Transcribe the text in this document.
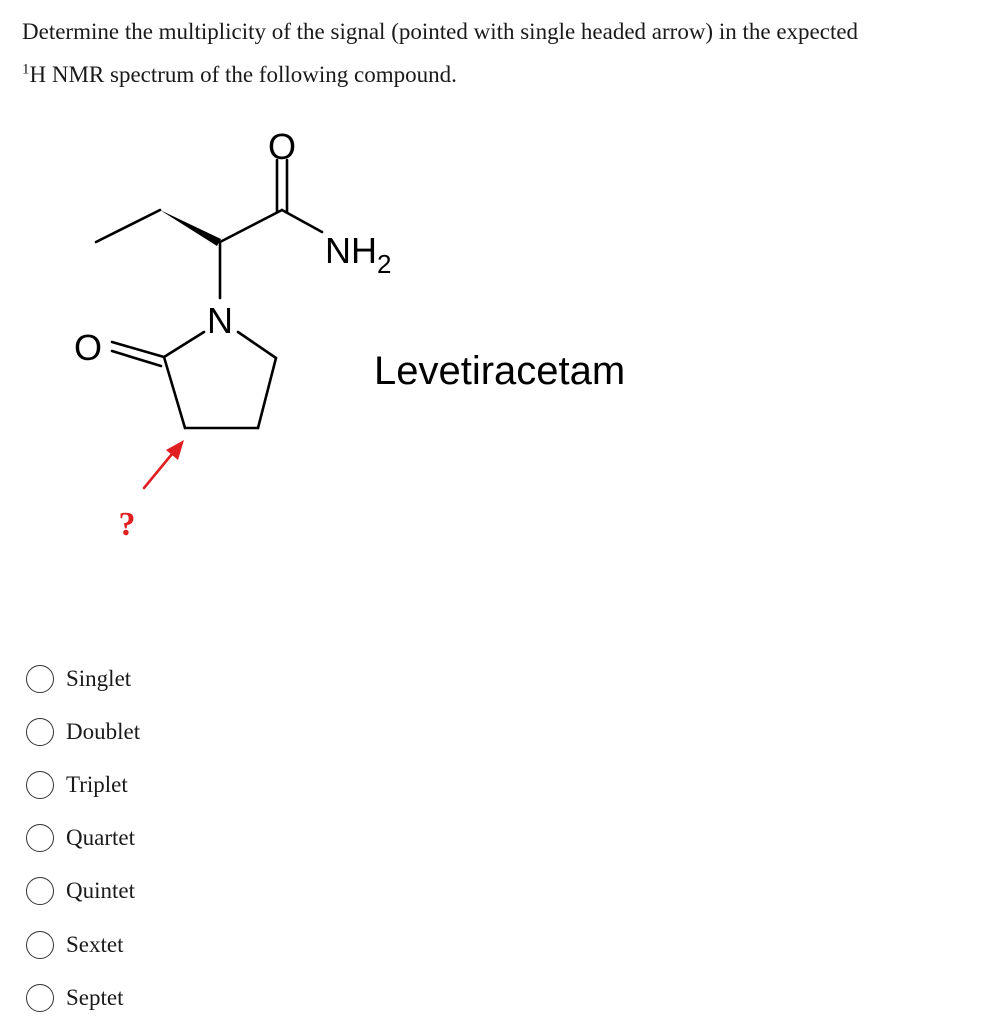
Determine the multiplicity of the signal (pointed with single headed arrow) in the expected
$^1$H NMR spectrum of the following compound.
O
$NH_2$
N
O
Levetiracetam
?
Singlet
Doublet
Triplet
Quartet
Quintet
Sextet
Septet
